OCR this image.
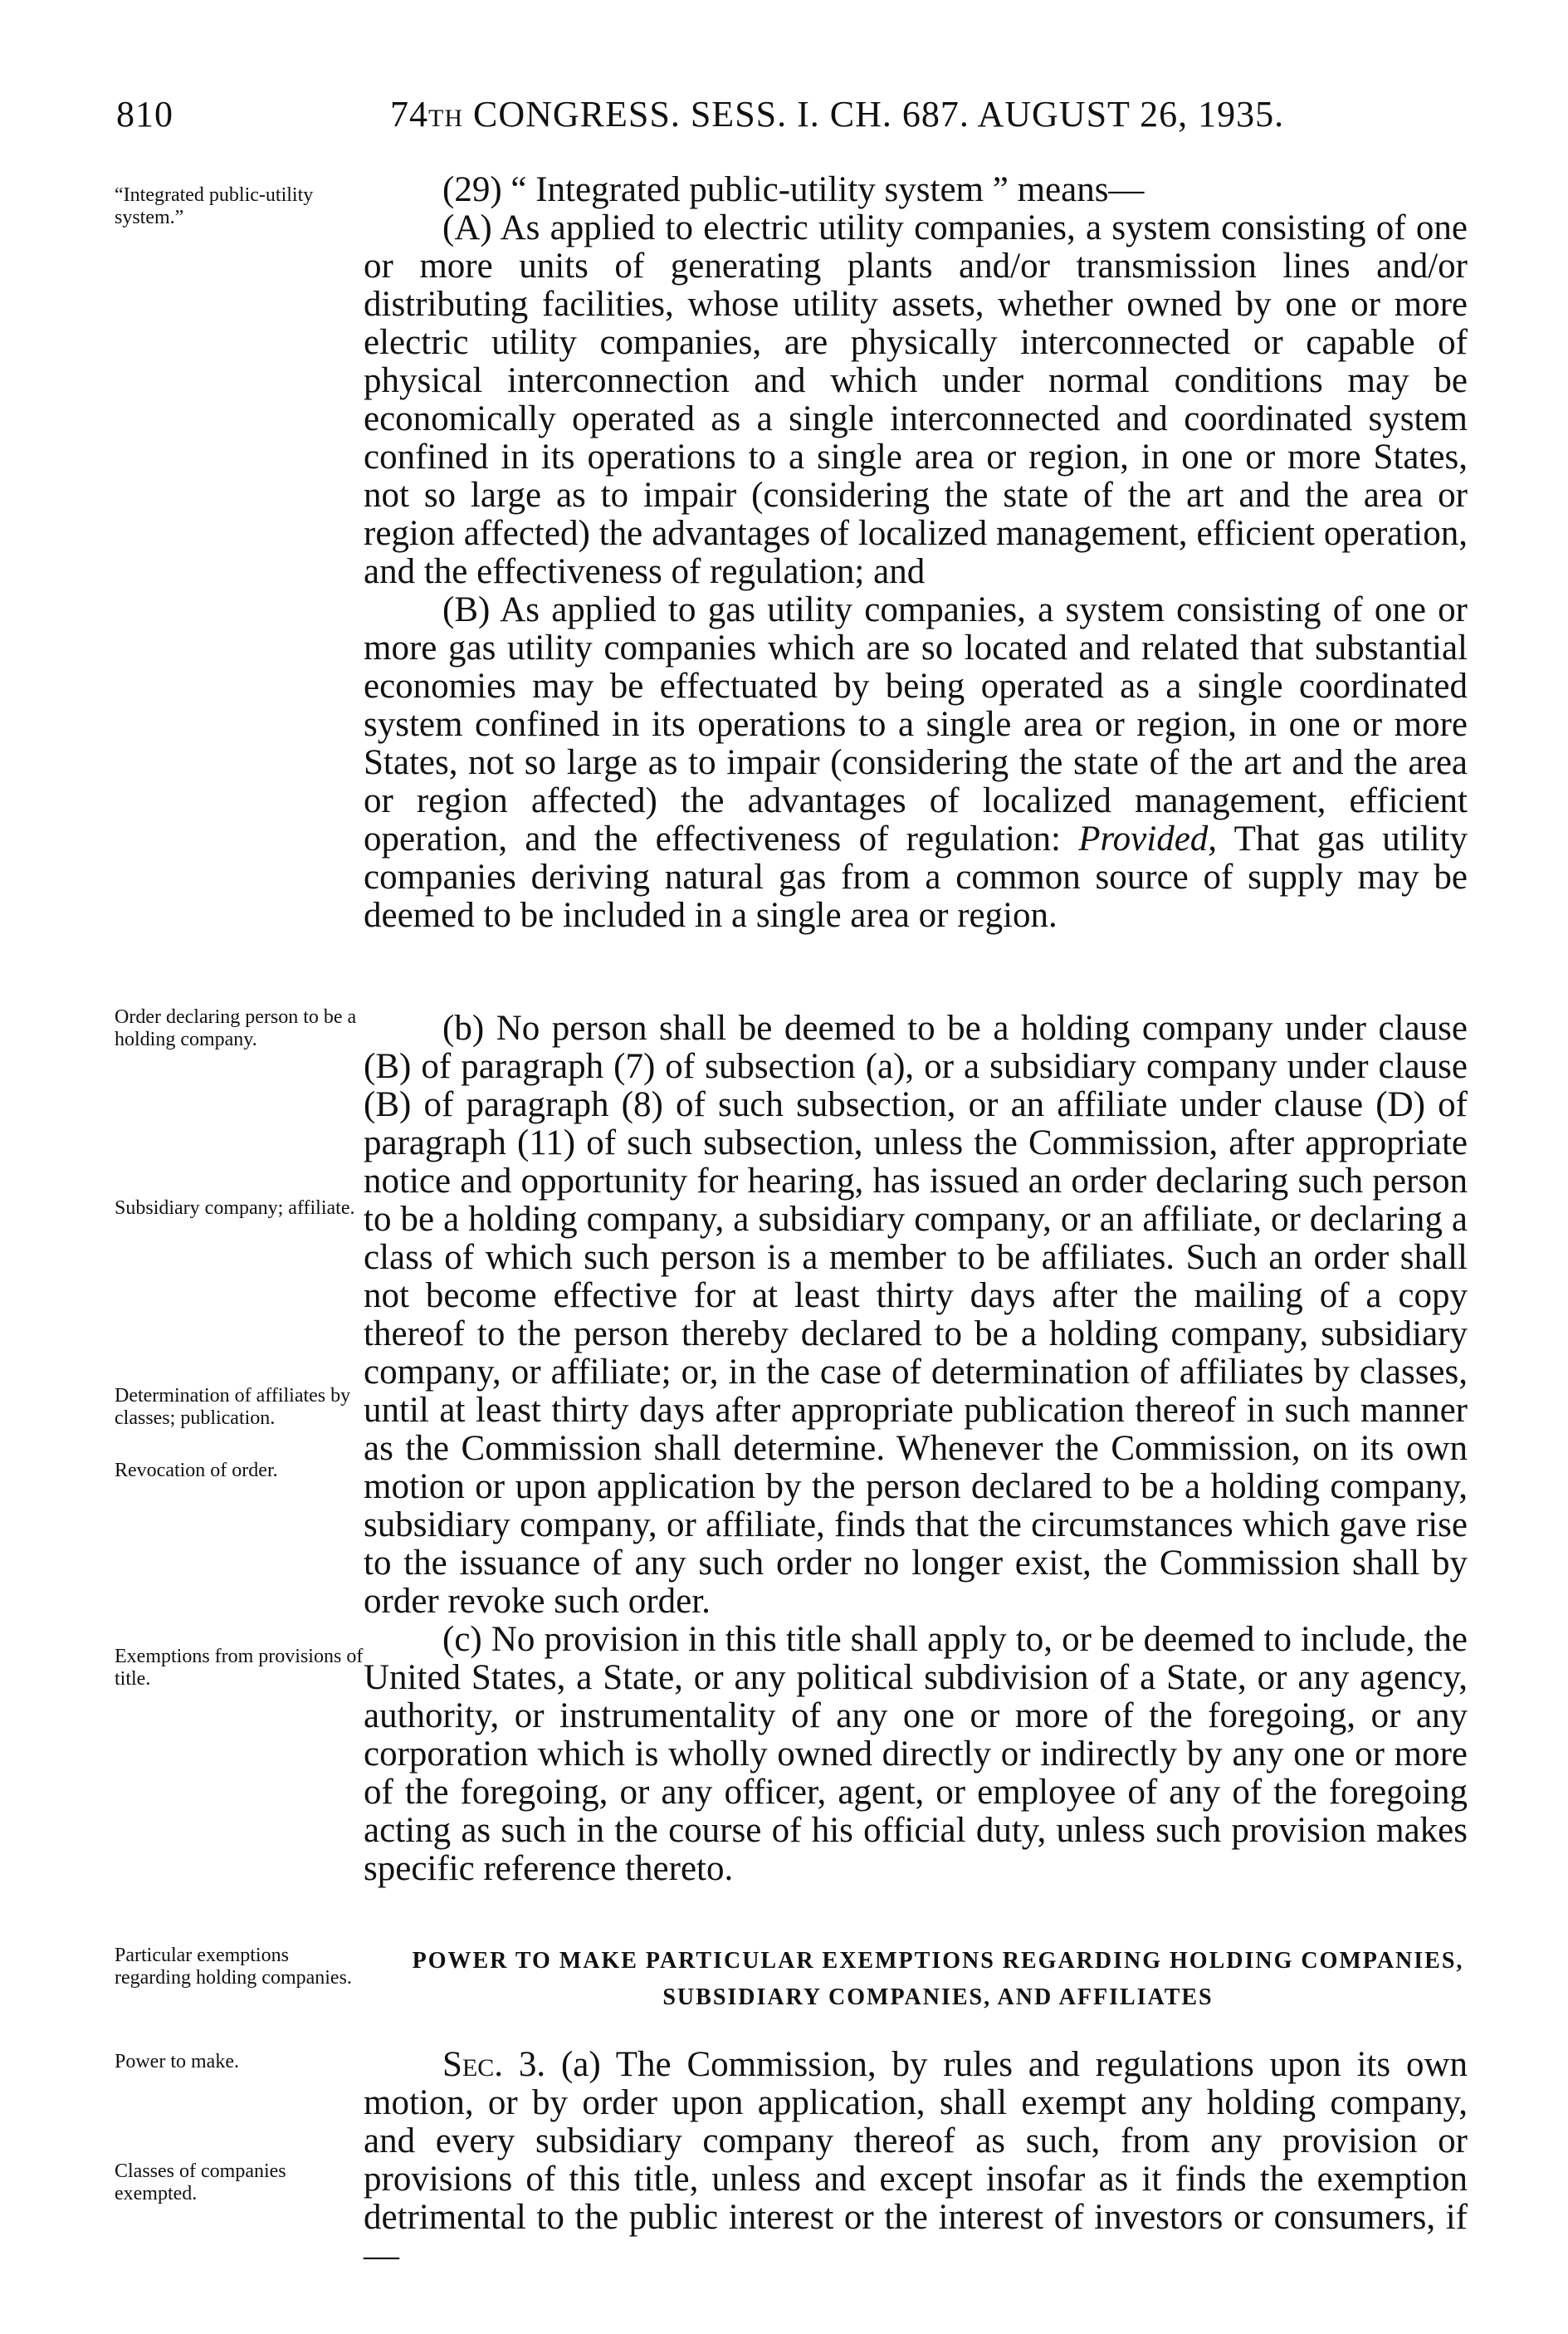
810	74TH CONGRESS. SESS. I. CH. 687. AUGUST 26, 1935.
“Integrated public-utility system.”
Order declaring person to be a holding company.
Subsidiary company; affiliate.
Determination of affiliates by classes; publication.
Revocation of order.
Exemptions from provisions of title.
Particular exemptions regarding holding companies.
Power to make.
Classes of companies exempted.

(29) “ Integrated public-utility system ” means—

(A) As applied to electric utility companies, a system consisting of one or more units of generating plants and/or transmission lines and/or distributing facilities, whose utility assets, whether owned by one or more electric utility companies, are physically interconnected or capable of physical interconnection and which under normal conditions may be economically operated as a single interconnected and coordinated system confined in its operations to a single area or region, in one or more States, not so large as to impair (considering the state of the art and the area or region affected) the advantages of localized management, efficient operation, and the effectiveness of regulation; and

(B) As applied to gas utility companies, a system consisting of one or more gas utility companies which are so located and related that substantial economies may be effectuated by being operated as a single coordinated system confined in its operations to a single area or region, in one or more States, not so large as to impair (considering the state of the art and the area or region affected) the advantages of localized management, efficient operation, and the effectiveness of regulation: Provided, That gas utility companies deriving natural gas from a common source of supply may be deemed to be included in a single area or region.

(b) No person shall be deemed to be a holding company under clause (B) of paragraph (7) of subsection (a), or a subsidiary company under clause (B) of paragraph (8) of such subsection, or an affiliate under clause (D) of paragraph (11) of such subsection, unless the Commission, after appropriate notice and opportunity for hearing, has issued an order declaring such person to be a holding company, a subsidiary company, or an affiliate, or declaring a class of which such person is a member to be affiliates. Such an order shall not become effective for at least thirty days after the mailing of a copy thereof to the person thereby declared to be a holding company, subsidiary company, or affiliate; or, in the case of determination of affiliates by classes, until at least thirty days after appropriate publication thereof in such manner as the Commission shall determine. Whenever the Commission, on its own motion or upon application by the person declared to be a holding company, subsidiary company, or affiliate, finds that the circumstances which gave rise to the issuance of any such order no longer exist, the Commission shall by order revoke such order.

(c) No provision in this title shall apply to, or be deemed to include, the United States, a State, or any political subdivision of a State, or any agency, authority, or instrumentality of any one or more of the foregoing, or any corporation which is wholly owned directly or indirectly by any one or more of the foregoing, or any officer, agent, or employee of any of the foregoing acting as such in the course of his official duty, unless such provision makes specific reference thereto.

POWER TO MAKE PARTICULAR EXEMPTIONS REGARDING HOLDING COMPANIES, SUBSIDIARY COMPANIES, AND AFFILIATES

Sec. 3. (a) The Commission, by rules and regulations upon its own motion, or by order upon application, shall exempt any holding company, and every subsidiary company thereof as such, from any provision or provisions of this title, unless and except insofar as it finds the exemption detrimental to the public interest or the interest of investors or consumers, if—
